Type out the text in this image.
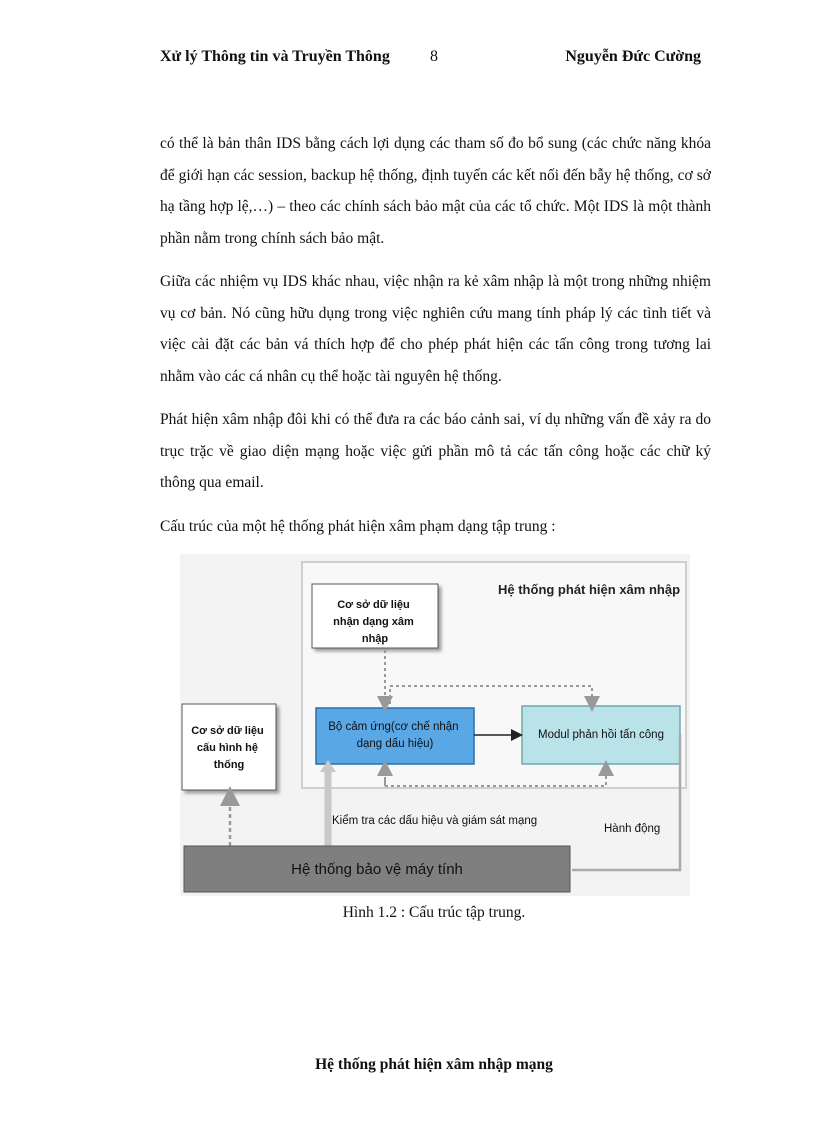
Xử lý Thông tin và Truyền Thông	8	Nguyễn Đức Cường

có thể là bản thân IDS bằng cách lợi dụng các tham số đo bổ sung (các chức năng khóa để giới hạn các session, backup hệ thống, định tuyến các kết nối đến bẫy hệ thống, cơ sở hạ tầng hợp lệ,…) – theo các chính sách bảo mật của các tổ chức. Một IDS là một thành phần nằm trong chính sách bảo mật.

Giữa các nhiệm vụ IDS khác nhau, việc nhận ra kẻ xâm nhập là một trong những nhiệm vụ cơ bản. Nó cũng hữu dụng trong việc nghiên cứu mang tính pháp lý các tình tiết và việc cài đặt các bản vá thích hợp để cho phép phát hiện các tấn công trong tương lai nhằm vào các cá nhân cụ thể hoặc tài nguyên hệ thống.

Phát hiện xâm nhập đôi khi có thể đưa ra các báo cảnh sai, ví dụ những vấn đề xảy ra do trục trặc về giao diện mạng hoặc việc gửi phần mô tả các tấn công hoặc các chữ ký thông qua email.

Cấu trúc của một hệ thống phát hiện xâm phạm dạng tập trung :

Hệ thống phát hiện xâm nhập
Cơ sở dữ liệu nhận dạng xâm nhập
Cơ sở dữ liệu cấu hình hệ thống
Bộ cảm ứng(cơ chế nhận dạng dấu hiệu)
Modul phản hồi tấn công
Kiểm tra các dấu hiệu và giám sát mạng
Hành động
Hệ thống bảo vệ máy tính
Hình 1.2 : Cấu trúc tập trung.
Hệ thống phát hiện xâm nhập mạng
